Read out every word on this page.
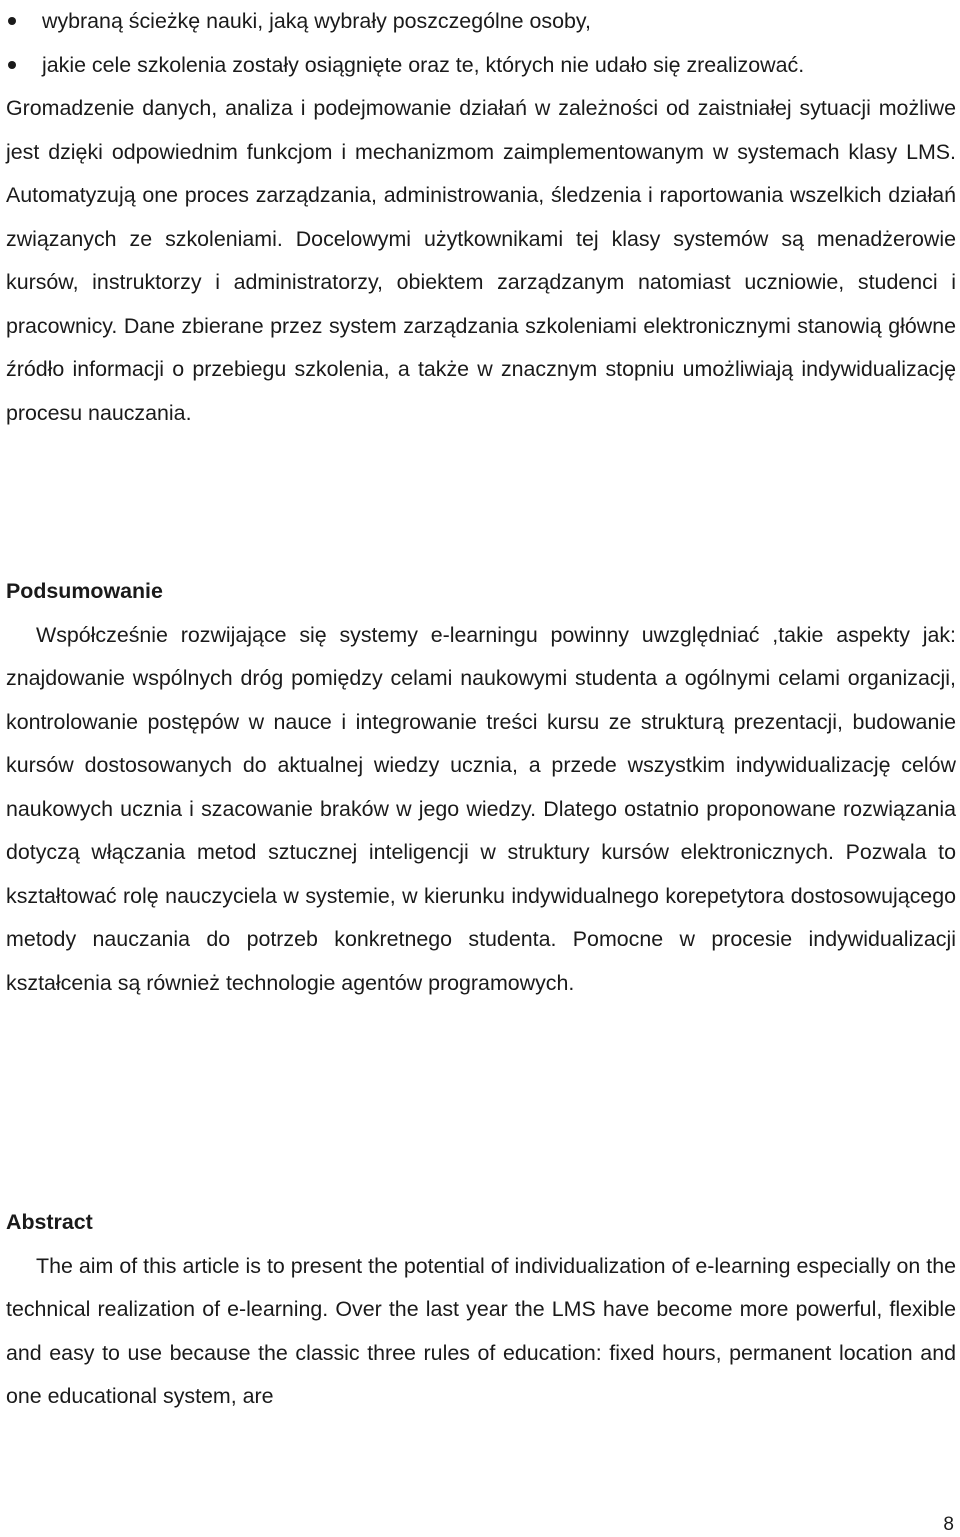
wybraną ścieżkę nauki, jaką wybrały poszczególne osoby,
jakie cele szkolenia zostały osiągnięte oraz te, których nie udało się zrealizować.

Gromadzenie danych, analiza i podejmowanie działań w zależności od zaistniałej sytuacji możliwe jest dzięki odpowiednim funkcjom i mechanizmom zaimplementowanym w systemach klasy LMS. Automatyzują one proces zarządzania, administrowania, śledzenia i raportowania wszelkich działań związanych ze szkoleniami. Docelowymi użytkownikami tej klasy systemów są menadżerowie kursów, instruktorzy i administratorzy, obiektem zarządzanym natomiast uczniowie, studenci i pracownicy. Dane zbierane przez system zarządzania szkoleniami elektronicznymi stanowią główne źródło informacji o przebiegu szkolenia, a także w znacznym stopniu umożliwiają indywidualizację procesu nauczania.

Podsumowanie

Współcześnie rozwijające się systemy e-learningu powinny uwzględniać ,takie aspekty jak: znajdowanie wspólnych dróg pomiędzy celami naukowymi studenta a ogólnymi celami organizacji, kontrolowanie postępów w nauce i integrowanie treści kursu ze strukturą prezentacji, budowanie kursów dostosowanych do aktualnej wiedzy ucznia, a przede wszystkim indywidualizację celów naukowych ucznia i szacowanie braków w jego wiedzy. Dlatego ostatnio proponowane rozwiązania dotyczą włączania metod sztucznej inteligencji w struktury kursów elektronicznych. Pozwala to kształtować rolę nauczyciela w systemie, w kierunku indywidualnego korepetytora dostosowującego metody nauczania do potrzeb konkretnego studenta. Pomocne w procesie indywidualizacji kształcenia są również technologie agentów programowych.

Abstract

The aim of this article is to present the potential of individualization of e-learning especially on the technical realization of e-learning. Over the last year the LMS have become more powerful, flexible and easy to use because the classic three rules of education: fixed hours, permanent location and one educational system, are

8
